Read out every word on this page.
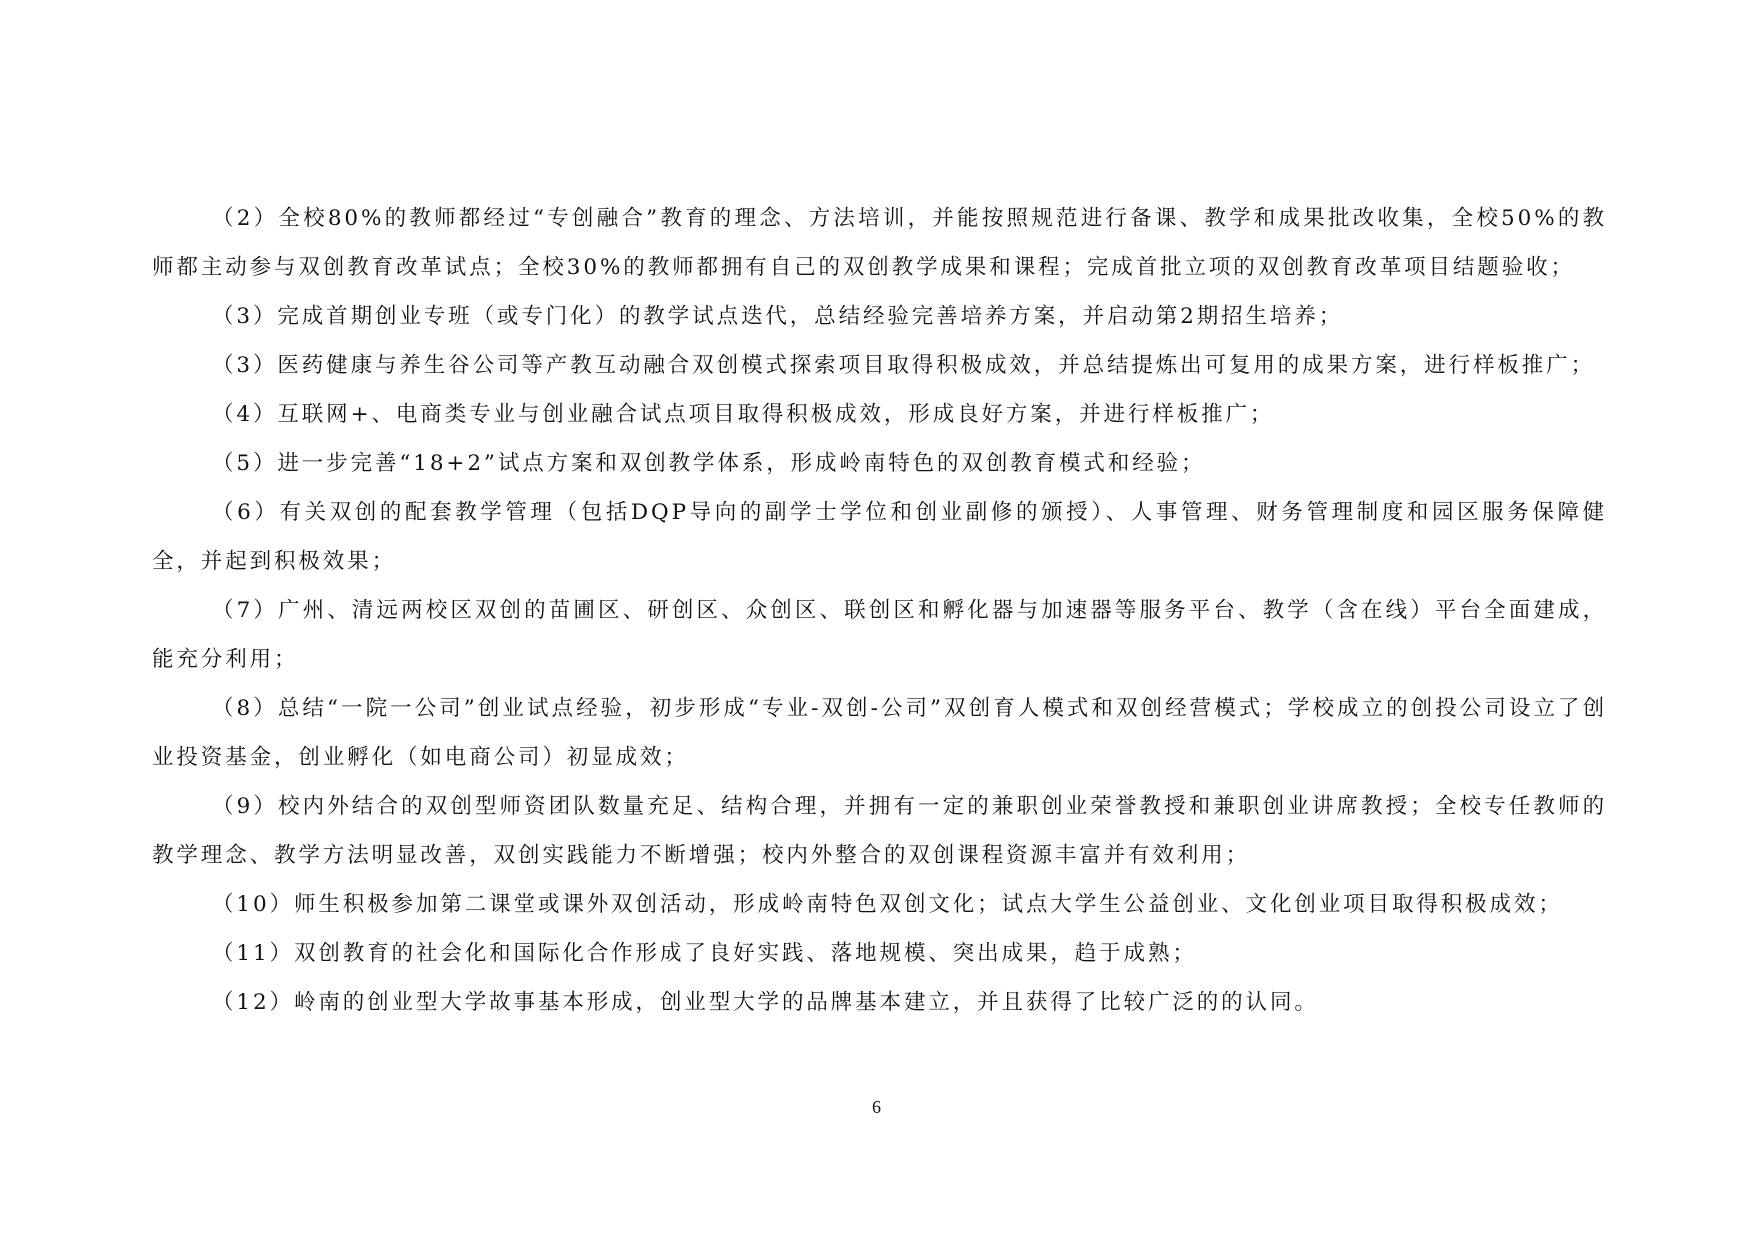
（2）全校80%的教师都经过“专创融合”教育的理念、方法培训，并能按照规范进行备课、教学和成果批改收集，全校50%的教师都主动参与双创教育改革试点；全校30%的教师都拥有自己的双创教学成果和课程；完成首批立项的双创教育改革项目结题验收；

（3）完成首期创业专班（或专门化）的教学试点迭代，总结经验完善培养方案，并启动第2期招生培养；

（3）医药健康与养生谷公司等产教互动融合双创模式探索项目取得积极成效，并总结提炼出可复用的成果方案，进行样板推广；

（4）互联网+、电商类专业与创业融合试点项目取得积极成效，形成良好方案，并进行样板推广；

（5）进一步完善“18+2”试点方案和双创教学体系，形成岭南特色的双创教育模式和经验；

（6）有关双创的配套教学管理（包括DQP导向的副学士学位和创业副修的颁授）、人事管理、财务管理制度和园区服务保障健全，并起到积极效果；

（7）广州、清远两校区双创的苗圃区、研创区、众创区、联创区和孵化器与加速器等服务平台、教学（含在线）平台全面建成，能充分利用；

（8）总结“一院一公司”创业试点经验，初步形成“专业-双创-公司”双创育人模式和双创经营模式；学校成立的创投公司设立了创业投资基金，创业孵化（如电商公司）初显成效；

（9）校内外结合的双创型师资团队数量充足、结构合理，并拥有一定的兼职创业荣誉教授和兼职创业讲席教授；全校专任教师的教学理念、教学方法明显改善，双创实践能力不断增强；校内外整合的双创课程资源丰富并有效利用；

（10）师生积极参加第二课堂或课外双创活动，形成岭南特色双创文化；试点大学生公益创业、文化创业项目取得积极成效；

（11）双创教育的社会化和国际化合作形成了良好实践、落地规模、突出成果，趋于成熟；

（12）岭南的创业型大学故事基本形成，创业型大学的品牌基本建立，并且获得了比较广泛的的认同。

6
